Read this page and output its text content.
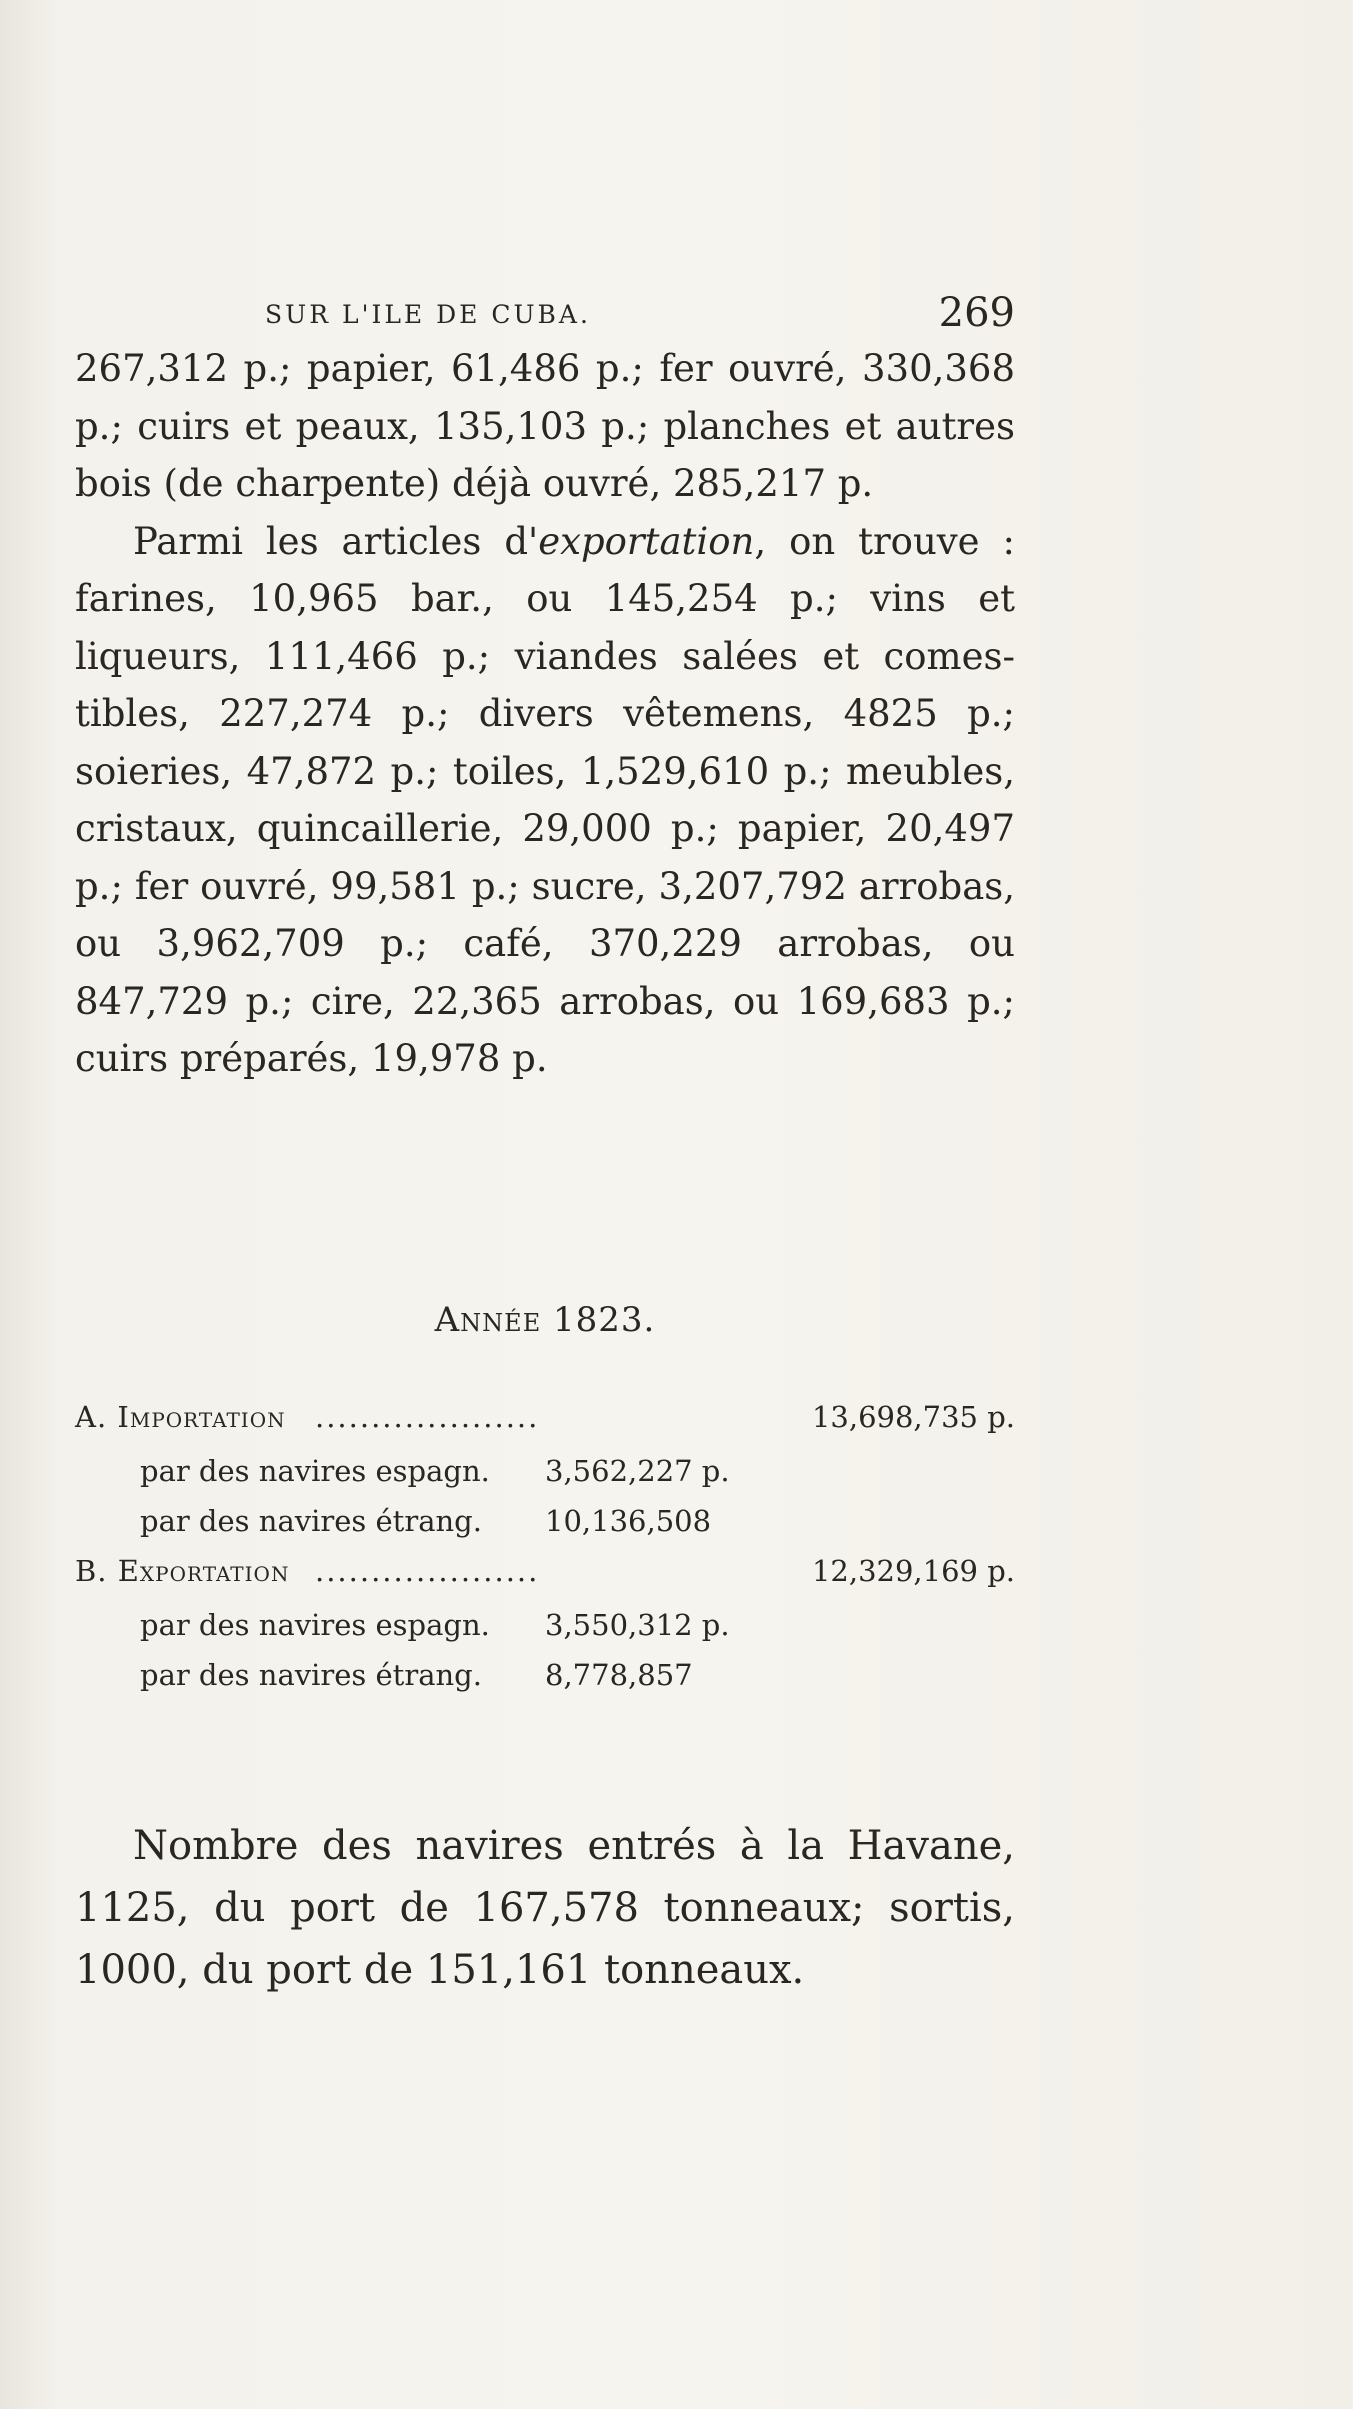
SUR L'ILE DE CUBA.	269

267,312 p.; papier, 61,486 p.; fer ouvré, 330,368 p.; cuirs et peaux, 135,103 p.; planches et autres bois (de charpente) déjà ouvré, 285,217 p.

Parmi les articles d'exportation, on trouve : farines, 10,965 bar., ou 145,254 p.; vins et liqueurs, 111,466 p.; viandes salées et comes- tibles, 227,274 p.; divers vêtemens, 4825 p.; soieries, 47,872 p.; toiles, 1,529,610 p.; meubles, cristaux, quincaillerie, 29,000 p.; papier, 20,497 p.; fer ouvré, 99,581 p.; sucre, 3,207,792 arrobas, ou 3,962,709 p.; café, 370,229 arrobas, ou 847,729 p.; cire, 22,365 arrobas, ou 169,683 p.; cuirs préparés, 19,978 p.

Année 1823.
A. Importation ....................	13,698,735 p.
par des navires espagn. 3,562,227 p.
par des navires étrang. 10,136,508
B. Exportation ....................	12,329,169 p.
par des navires espagn. 3,550,312 p.
par des navires étrang. 8,778,857

Nombre des navires entrés à la Havane, 1125, du port de 167,578 tonneaux; sortis, 1000, du port de 151,161 tonneaux.
